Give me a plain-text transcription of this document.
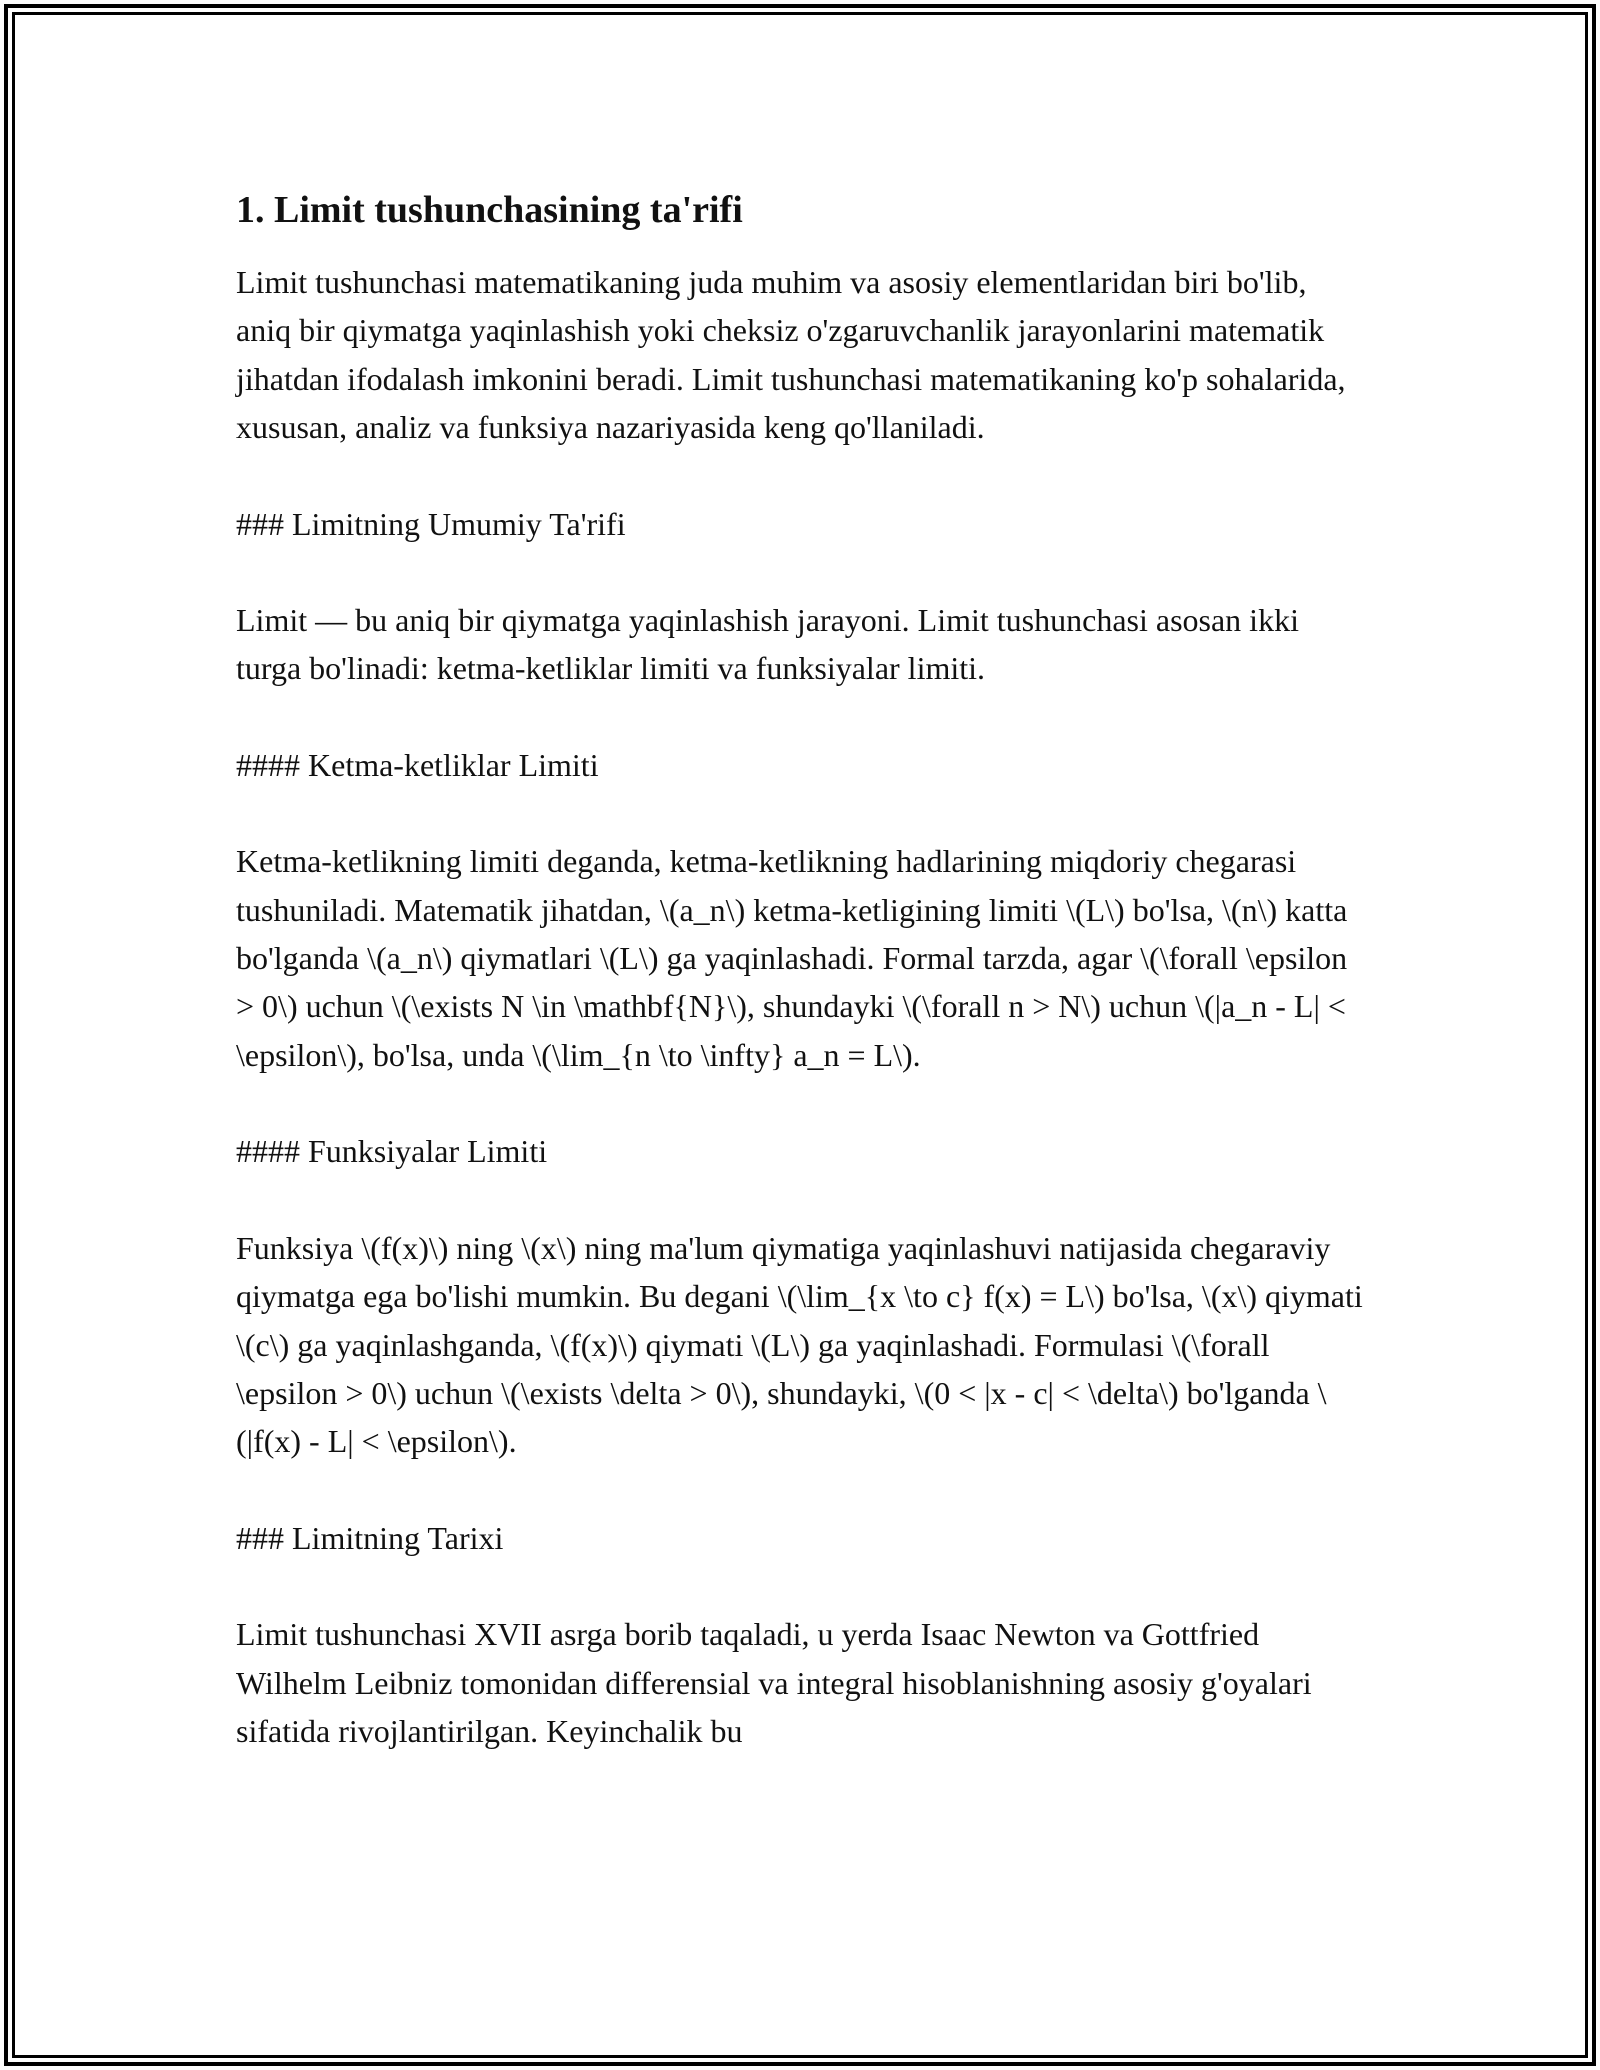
1. Limit tushunchasining ta'rifi

Limit tushunchasi matematikaning juda muhim va asosiy elementlaridan biri bo'lib, aniq bir qiymatga yaqinlashish yoki cheksiz o'zgaruvchanlik jarayonlarini matematik jihatdan ifodalash imkonini beradi. Limit tushunchasi matematikaning ko'p sohalarida, xususan, analiz va funksiya nazariyasida keng qo'llaniladi.

### Limitning Umumiy Ta'rifi

Limit — bu aniq bir qiymatga yaqinlashish jarayoni. Limit tushunchasi asosan ikki turga bo'linadi: ketma-ketliklar limiti va funksiyalar limiti.

#### Ketma-ketliklar Limiti

Ketma-ketlikning limiti deganda, ketma-ketlikning hadlarining miqdoriy chegarasi tushuniladi. Matematik jihatdan, \(a_n\) ketma-ketligining limiti \(L\) bo'lsa, \(n\) katta bo'lganda \(a_n\) qiymatlari \(L\) ga yaqinlashadi. Formal tarzda, agar \(\forall \epsilon > 0\) uchun \(\exists N \in \mathbf{N}\), shundayki \(\forall n > N\) uchun \(|a_n - L| < \epsilon\), bo'lsa, unda \(\lim_{n \to \infty} a_n = L\).

#### Funksiyalar Limiti

Funksiya \(f(x)\) ning \(x\) ning ma'lum qiymatiga yaqinlashuvi natijasida chegaraviy qiymatga ega bo'lishi mumkin. Bu degani \(\lim_{x \to c} f(x) = L\) bo'lsa, \(x\) qiymati \(c\) ga yaqinlashganda, \(f(x)\) qiymati \(L\) ga yaqinlashadi. Formulasi \(\forall \epsilon > 0\) uchun \(\exists \delta > 0\), shundayki, \(0 < |x - c| < \delta\) bo'lganda \(|f(x) - L| < \epsilon\).

### Limitning Tarixi

Limit tushunchasi XVII asrga borib taqaladi, u yerda Isaac Newton va Gottfried Wilhelm Leibniz tomonidan differensial va integral hisoblanishning asosiy g'oyalari sifatida rivojlantirilgan. Keyinchalik bu
